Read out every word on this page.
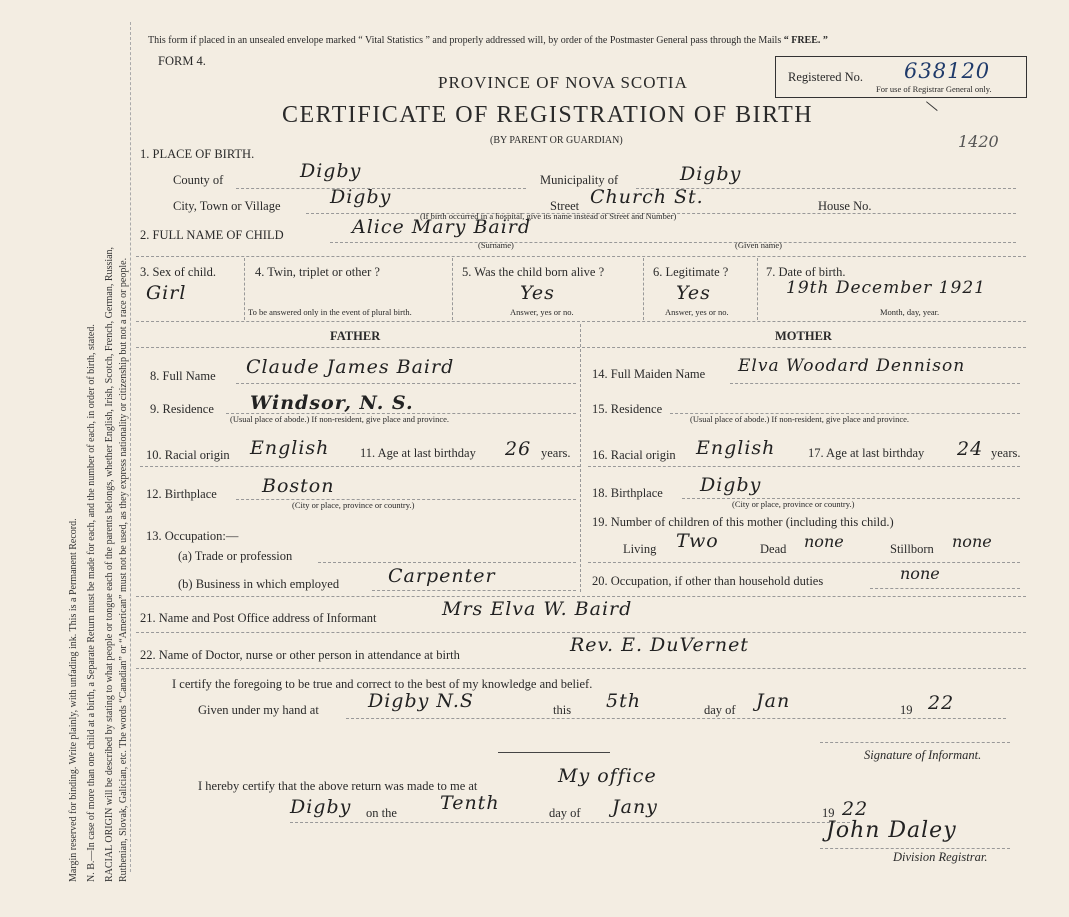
Margin reserved for binding. Write plainly, with unfading ink. This is a Permanent Record. N. B.—In case of more than one child at a birth, a Separate Return must be made for each, and the number of each, in order of birth, stated. RACIAL ORIGIN will be described by stating to what people or tongue each of the parents belongs, whether English, Irish, Scotch, French, German, Russian, Ruthenian, Slovak, Galician, etc. The words “Canadian” or “American” must not be used, as they express nationality or citizenship but not a race or people.
This form if placed in an unsealed envelope marked “ Vital Statistics ” and properly addressed will, by order of the Postmaster General pass through the Mails “ FREE. ”
FORM 4.
PROVINCE OF NOVA SCOTIA
CERTIFICATE OF REGISTRATION OF BIRTH
(BY PARENT OR GUARDIAN)
Registered No. 638120
For use of Registrar General only.
/
1420
1. PLACE OF BIRTH.
County of	Digby	Municipality of	Digby
City, Town or Village	Digby	Street Church St.	House No.
(If birth occurred in a hospital, give its name instead of Street and Number)
2. FULL NAME OF CHILD	Alice Mary Baird
(Surname)	(Given name)
3. Sex of child.
Girl
4. Twin, triplet or other ?
To be answered only in the event of plural birth.
5. Was the child born alive ?
Yes
Answer, yes or no.
6. Legitimate ?
Yes
Answer, yes or no.
7. Date of birth.
19th December 1921
Month, day, year.
FATHER	MOTHER
8. Full Name Claude James Baird
9. Residence Windsor, N. S.
(Usual place of abode.) If non-resident, give place and province.
10. Racial origin English 11. Age at last birthday 26 years.
12. Birthplace Boston
(City or place, province or country.)
13. Occupation:—
(a) Trade or profession
(b) Business in which employed	Carpenter
14. Full Maiden Name Elva Woodard Dennison
15. Residence
(Usual place of abode.) If non-resident, give place and province.
16. Racial origin English	17. Age at last birthday 24 years.
18. Birthplace Digby
(City or place, province or country.)
19. Number of children of this mother (including this child.)
Living Two	Dead none	Stillborn none
20. Occupation, if other than household duties	none
21. Name and Post Office address of Informant	Mrs Elva W. Baird
22. Name of Doctor, nurse or other person in attendance at birth	Rev. E. DuVernet
I certify the foregoing to be true and correct to the best of my knowledge and belief.
Given under my hand at	Digby N.S	this 5th	day of Jan	19 22
Signature of Informant.
I hereby certify that the above return was made to me at	My office
Digby on the Tenth	day of Jany	19 22
John Daley
Division Registrar.
